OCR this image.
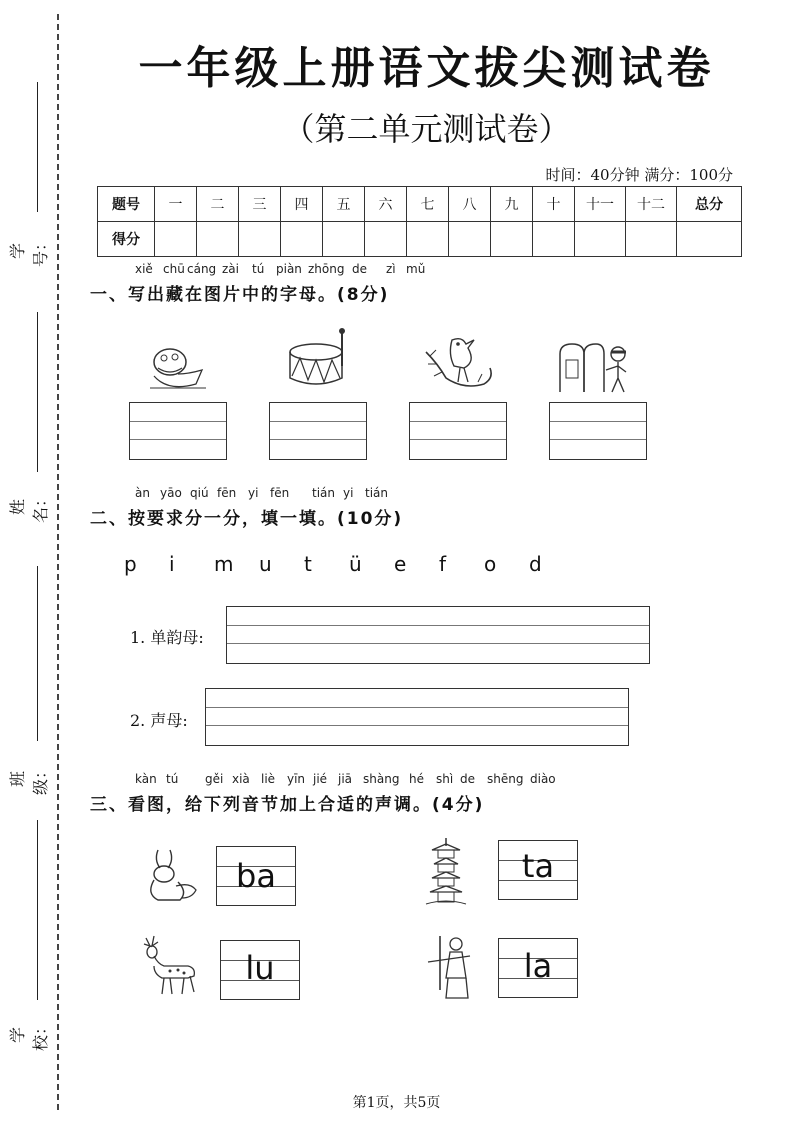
学号：
姓名：
班级：
学校：
一年级上册语文拔尖测试卷
（第二单元测试卷）
时间：40分钟 满分：100分
题号	一	二	三	四	五	六	七	八	九	十	十一	十二	总分
得分													
xiě chū cáng zài tú piàn zhōng de zì mǔ
一、写出藏在图片中的字母。(8分)
àn yāo qiú fēn yi fēn tián yi tián
二、按要求分一分，填一填。(10分)
p i m u t ü e f o d
1. 单韵母:
2. 声母:
kàn tú gěi xià liè yīn jié jiā shàng hé shì de shēng diào
三、看图，给下列音节加上合适的声调。(4分)
ba	ta
lu	la
第1页，共5页
